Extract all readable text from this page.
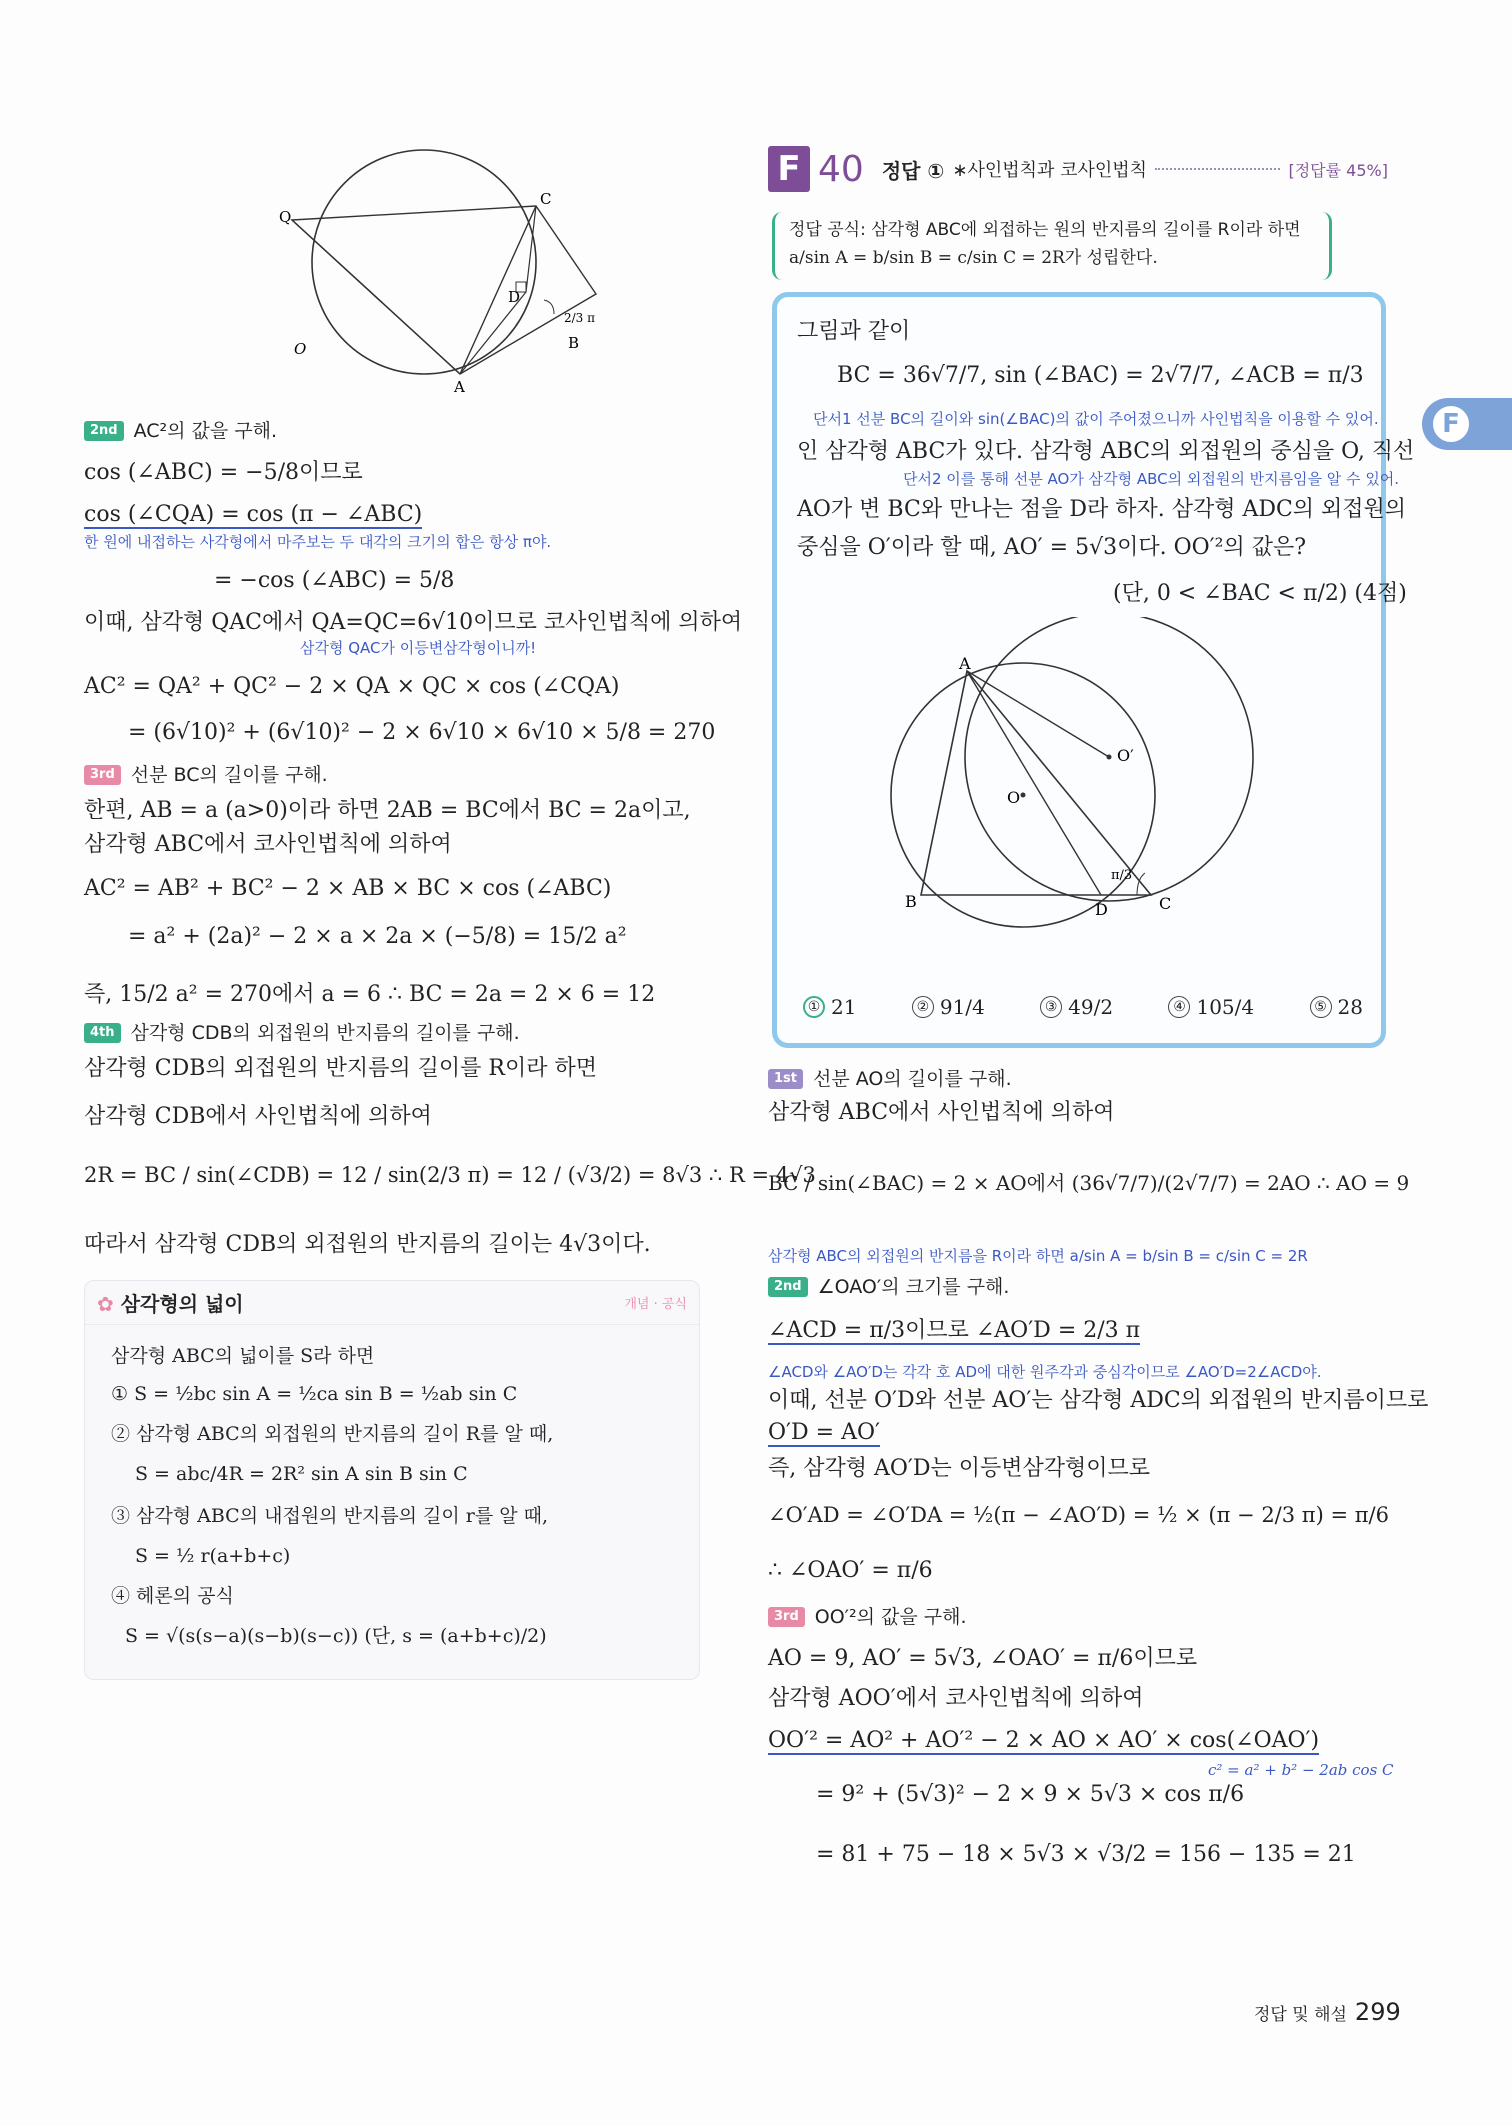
F
Q
C
D
B
A
O
2/3 π
2nd AC²의 값을 구해.
cos (∠ABC) = −5/8이므로
cos (∠CQA) = cos (π − ∠ABC)
한 원에 내접하는 사각형에서 마주보는 두 대각의 크기의 합은 항상 π야.
= −cos (∠ABC) = 5/8
이때, 삼각형 QAC에서 QA=QC=6√10이므로 코사인법칙에 의하여
삼각형 QAC가 이등변삼각형이니까!
AC² = QA² + QC² − 2 × QA × QC × cos (∠CQA)
= (6√10)² + (6√10)² − 2 × 6√10 × 6√10 × 5/8 = 270
3rd 선분 BC의 길이를 구해.
한편, AB = a (a>0)이라 하면 2AB = BC에서 BC = 2a이고,
삼각형 ABC에서 코사인법칙에 의하여
AC² = AB² + BC² − 2 × AB × BC × cos (∠ABC)
= a² + (2a)² − 2 × a × 2a × (−5/8) = 15/2 a²
즉, 15/2 a² = 270에서 a = 6 ∴ BC = 2a = 2 × 6 = 12
4th 삼각형 CDB의 외접원의 반지름의 길이를 구해.
삼각형 CDB의 외접원의 반지름의 길이를 R이라 하면
삼각형 CDB에서 사인법칙에 의하여
2R = BC / sin(∠CDB) = 12 / sin(2/3 π) = 12 / (√3/2) = 8√3 ∴ R = 4√3
따라서 삼각형 CDB의 외접원의 반지름의 길이는 4√3이다.
✿ 삼각형의 넓이	개념 · 공식
삼각형 ABC의 넓이를 S라 하면
① S = ½bc sin A = ½ca sin B = ½ab sin C
② 삼각형 ABC의 외접원의 반지름의 길이 R를 알 때,
S = abc/4R = 2R² sin A sin B sin C
③ 삼각형 ABC의 내접원의 반지름의 길이 r를 알 때,
S = ½ r(a+b+c)
④ 헤론의 공식
S = √(s(s−a)(s−b)(s−c)) (단, s = (a+b+c)/2)
F 40 정답 ① ∗사인법칙과 코사인법칙	[정답률 45%]
정답 공식: 삼각형 ABC에 외접하는 원의 반지름의 길이를 R이라 하면
a/sin A = b/sin B = c/sin C = 2R가 성립한다.
그림과 같이
BC = 36√7/7, sin (∠BAC) = 2√7/7, ∠ACB = π/3
단서1 선분 BC의 길이와 sin(∠BAC)의 값이 주어졌으니까 사인법칙을 이용할 수 있어.
인 삼각형 ABC가 있다. 삼각형 ABC의 외접원의 중심을 O, 직선
단서2 이를 통해 선분 AO가 삼각형 ABC의 외접원의 반지름임을 알 수 있어.
AO가 변 BC와 만나는 점을 D라 하자. 삼각형 ADC의 외접원의
중심을 O′이라 할 때, AO′ = 5√3이다. OO′²의 값은?
(단, 0 < ∠BAC < π/2) (4점)
A
B	C
D
O
O′
π/3
① 21	② 91/4	③ 49/2	④ 105/4	⑤ 28
1st 선분 AO의 길이를 구해.
삼각형 ABC에서 사인법칙에 의하여
BC / sin(∠BAC) = 2 × AO에서 (36√7/7)/(2√7/7) = 2AO ∴ AO = 9
삼각형 ABC의 외접원의 반지름을 R이라 하면 a/sin A = b/sin B = c/sin C = 2R
2nd ∠OAO′의 크기를 구해.
∠ACD = π/3이므로 ∠AO′D = 2/3 π
∠ACD와 ∠AO′D는 각각 호 AD에 대한 원주각과 중심각이므로 ∠AO′D=2∠ACD야.
이때, 선분 O′D와 선분 AO′는 삼각형 ADC의 외접원의 반지름이므로
O′D = AO′
즉, 삼각형 AO′D는 이등변삼각형이므로
∠O′AD = ∠O′DA = ½(π − ∠AO′D) = ½ × (π − 2/3 π) = π/6
∴ ∠OAO′ = π/6
3rd OO′²의 값을 구해.
AO = 9, AO′ = 5√3, ∠OAO′ = π/6이므로
삼각형 AOO′에서 코사인법칙에 의하여
OO′² = AO² + AO′² − 2 × AO × AO′ × cos(∠OAO′)
c² = a² + b² − 2ab cos C
= 9² + (5√3)² − 2 × 9 × 5√3 × cos π/6
= 81 + 75 − 18 × 5√3 × √3/2 = 156 − 135 = 21
정답 및 해설 299
